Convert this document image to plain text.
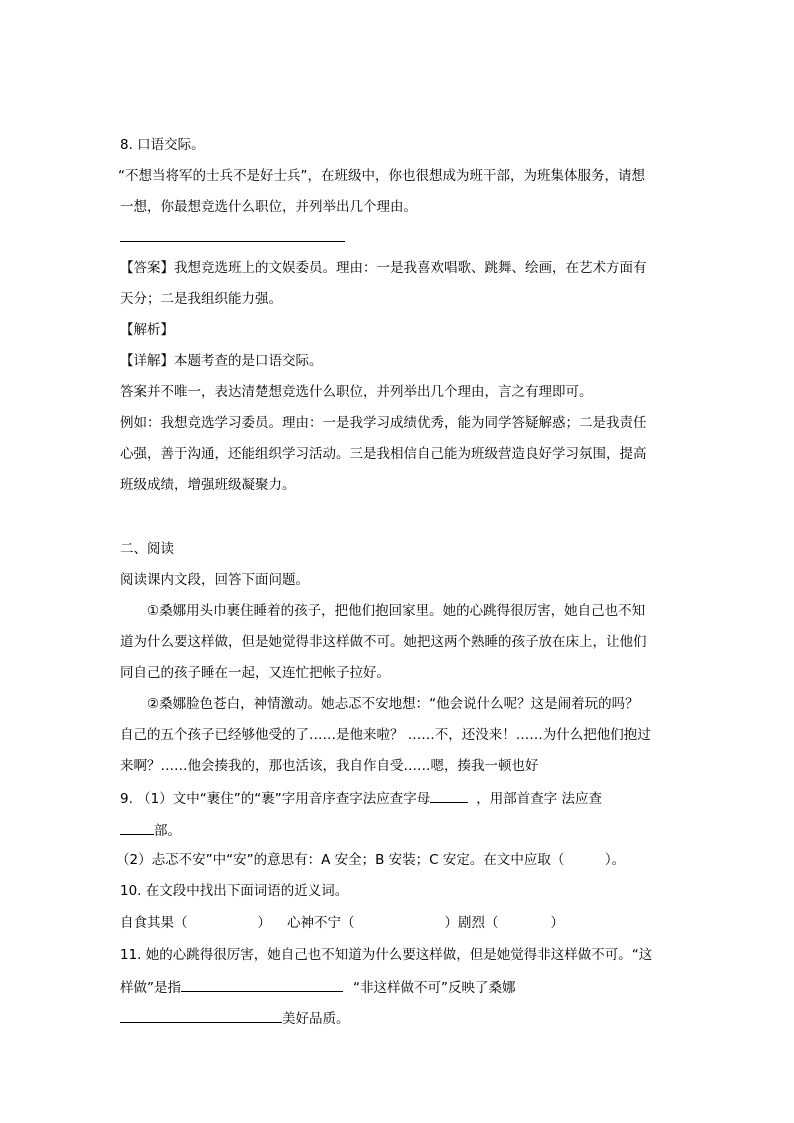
8. 口语交际。
“不想当将军的士兵不是好士兵”，在班级中，你也很想成为班干部，为班集体服务，请想
一想，你最想竞选什么职位，并列举出几个理由。
【答案】我想竞选班上的文娱委员。理由：一是我喜欢唱歌、跳舞、绘画，在艺术方面有
天分；二是我组织能力强。
【解析】
【详解】本题考查的是口语交际。
答案并不唯一，表达清楚想竞选什么职位，并列举出几个理由，言之有理即可。
例如：我想竞选学习委员。理由：一是我学习成绩优秀，能为同学答疑解惑；二是我责任
心强，善于沟通，还能组织学习活动。三是我相信自己能为班级营造良好学习氛围，提高
班级成绩，增强班级凝聚力。
二、阅读
阅读课内文段，回答下面问题。
①桑娜用头巾裹住睡着的孩子，把他们抱回家里。她的心跳得很厉害，她自己也不知
道为什么要这样做，但是她觉得非这样做不可。她把这两个熟睡的孩子放在床上，让他们
同自己的孩子睡在一起，又连忙把帐子拉好。
②桑娜脸色苍白，神情激动。她忐忑不安地想：“他会说什么呢？这是闹着玩的吗？
自己的五个孩子已经够他受的了……是他来啦？ ……不，还没来！……为什么把他们抱过
来啊？……他会揍我的，那也活该，我自作自受……嗯，揍我一顿也好
9. （1）文中“裹住”的“裹”字用音序查字法应查字母	，用部首查字 法应查
部。
（2）忐忑不安”中“安”的意思有：A 安全；B 安装；C 安定。在文中应取（　　　）。
10. 在文段中找出下面词语的近义词。
自食其果（	） 心神不宁（	）剧烈（	）
11. 她的心跳得很厉害，她自己也不知道为什么要这样做，但是她觉得非这样做不可。“这
样做”是指	“非这样做不可”反映了桑娜
美好品质。
